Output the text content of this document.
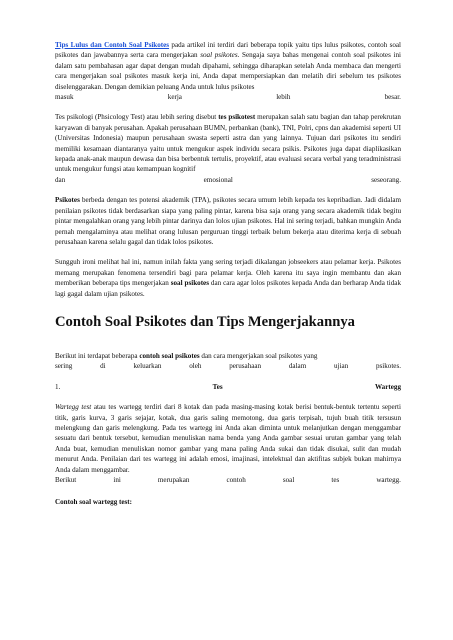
Tips Lulus dan Contoh Soal Psikotes pada artikel ini terdiri dari beberapa topik yaitu tips lulus psikotes, contoh soal psikotes dan jawabannya serta cara mengerjakan soal psikotes. Sengaja saya bahas mengenai contoh soal psikotes ini dalam satu pembahasan agar dapat dengan mudah dipahami, sehingga diharapkan setelah Anda membaca dan mengerti cara mengerjakan soal psikotes masuk kerja ini, Anda dapat mempersiapkan dan melatih diri sebelum tes psikotes diselenggarakan. Dengan demikian peluang Anda untuk lulus psikotes
masuk	kerja	lebih	besar.

Tes psikologi (Phsicology Test) atau lebih sering disebut tes psikotest merupakan salah satu bagian dan tahap perekrutan karyawan di banyak perusahan. Apakah perusahaan BUMN, perbankan (bank), TNI, Polri, cpns dan akademisi seperti UI (Universitas Indonesia) maupun perusahaan swasta seperti astra dan yang lainnya. Tujuan dari psikotes itu sendiri memiliki kesamaan diantaranya yaitu untuk mengukur aspek individu secara psikis. Psikotes juga dapat diaplikasikan kepada anak-anak maupun dewasa dan bisa berbentuk tertulis, proyektif, atau evaluasi secara verbal yang teradministrasi untuk mengukur fungsi atau kemampuan kognitif
dan	emosional	seseorang.

Psikotes berbeda dengan tes potensi akademik (TPA), psikotes secara umum lebih kepada tes kepribadian. Jadi didalam penilaian psikotes tidak berdasarkan siapa yang paling pintar, karena bisa saja orang yang secara akademik tidak begitu pintar mengalahkan orang yang lebih pintar darinya dan lolos ujian psikotes. Hal ini sering terjadi, bahkan mungkin Anda pernah mengalaminya atau melihat orang lulusan perguruan tinggi terbaik belum bekerja atau diterima kerja di sebuah perusahaan karena selalu gagal dan tidak lolos psikotes.

Sungguh ironi melihat hal ini, namun inilah fakta yang sering terjadi dikalangan jobseekers atau pelamar kerja. Psikotes memang merupakan fenomena tersendiri bagi para pelamar kerja. Oleh karena itu saya ingin membantu dan akan memberikan beberapa tips mengerjakan soal psikotes dan cara agar lolos psikotes kepada Anda dan berharap Anda tidak lagi gagal dalam ujian psikotes.

Contoh Soal Psikotes dan Tips Mengerjakannya

Berikut ini terdapat beberapa contoh soal psikotes dan cara mengerjakan soal psikotes yang
sering	di	keluarkan	oleh	perusahaan	dalam	ujian	psikotes.

1.	Tes	Wartegg

Wartegg test atau tes wartegg terdiri dari 8 kotak dan pada masing-masing kotak berisi bentuk-bentuk tertentu seperti titik, garis kurva, 3 garis sejajar, kotak, dua garis saling memotong, dua garis terpisah, tujuh buah titik tersusun melengkung dan garis melengkung. Pada tes wartegg ini Anda akan diminta untuk melanjutkan dengan menggambar sesuatu dari bentuk tersebut, kemudian menuliskan nama benda yang Anda gambar sesuai urutan gambar yang telah Anda buat, kemudian menuliskan nomor gambar yang mana paling Anda sukai dan tidak disukai, sulit dan mudah menurut Anda. Penilaian dari tes wartegg ini adalah emosi, imajinasi, intelektual dan aktifitas subjek bukan mahirnya Anda dalam menggambar.
Berikut	ini	merupakan	contoh	soal	tes	wartegg.

Contoh soal wartegg test:
